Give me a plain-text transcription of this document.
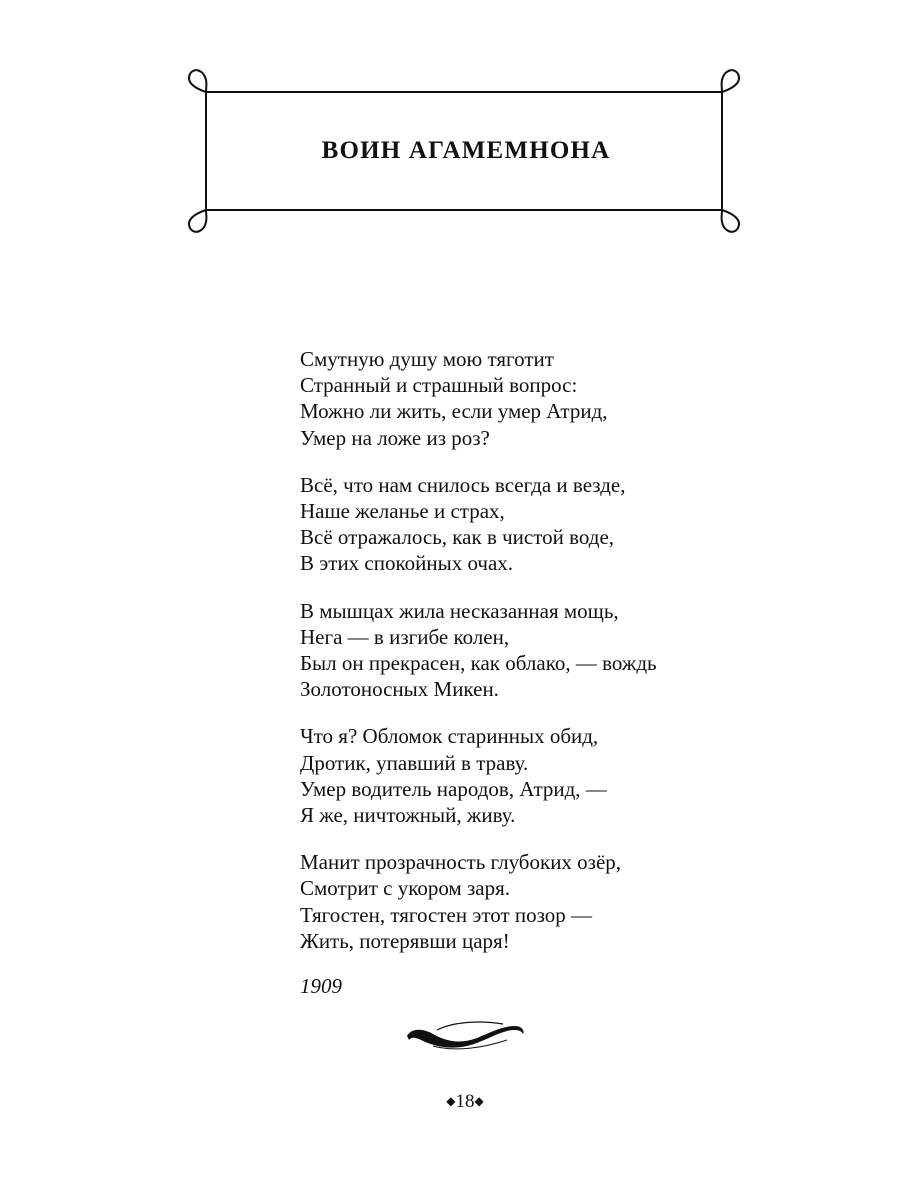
ВОИН АГАМЕМНОНА
Смутную душу мою тяготит
Странный и страшный вопрос:
Можно ли жить, если умер Атрид,
Умер на ложе из роз?
Всё, что нам снилось всегда и везде,
Наше желанье и страх,
Всё отражалось, как в чистой воде,
В этих спокойных очах.
В мышцах жила несказанная мощь,
Нега — в изгибе колен,
Был он прекрасен, как облако, — вождь
Золотоносных Микен.
Что я? Обломок старинных обид,
Дротик, упавший в траву.
Умер водитель народов, Атрид, —
Я же, ничтожный, живу.
Манит прозрачность глубоких озёр,
Смотрит с укором заря.
Тягостен, тягостен этот позор —
Жить, потерявши царя!
1909
◆18◆
